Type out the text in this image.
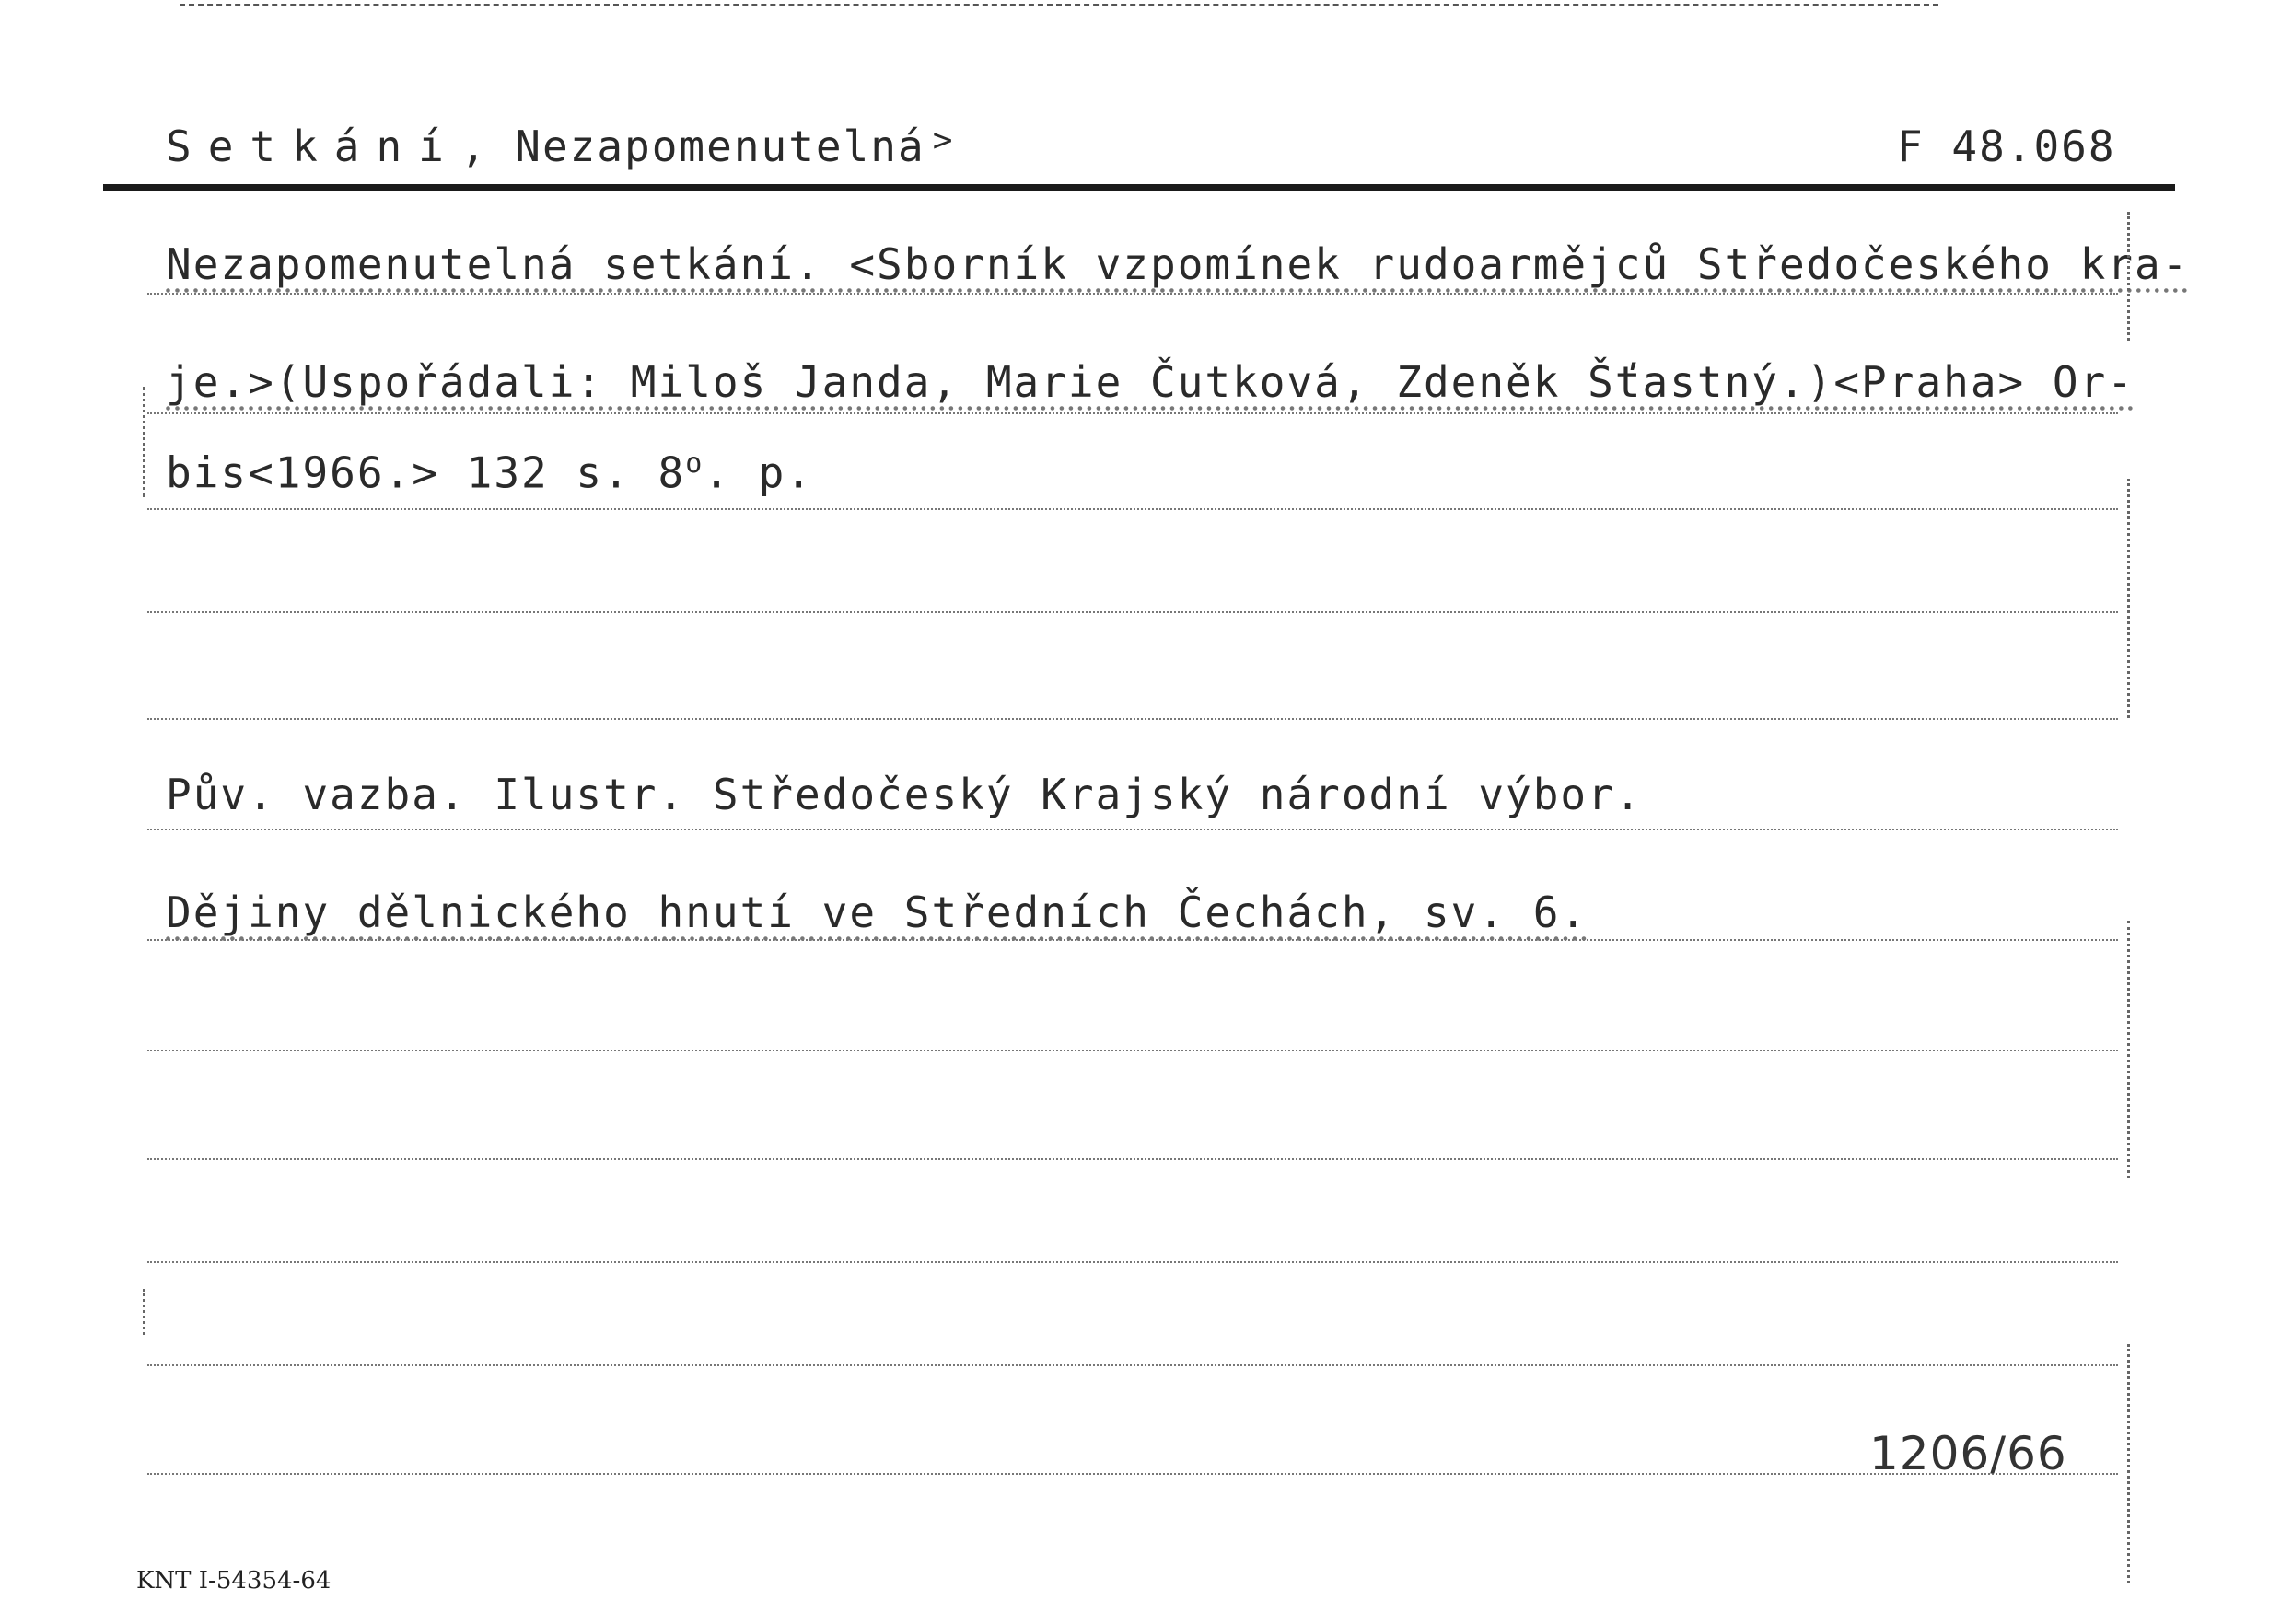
Setkání, Nezapomenutelná >	F 48.068
Nezapomenutelná setkání. <Sborník vzpomínek rudoarmějců Středočeského kra-
je.>(Uspořádali: Miloš Janda, Marie Čutková, Zdeněk Šťastný.)<Praha> Or-
bis<1966.> 132 s. 8$^o$. p.
Pův. vazba. Ilustr. Středočeský Krajský národní výbor.
Dějiny dělnického hnutí ve Středních Čechách, sv. 6.
1206/66
KNT I-54354-64
